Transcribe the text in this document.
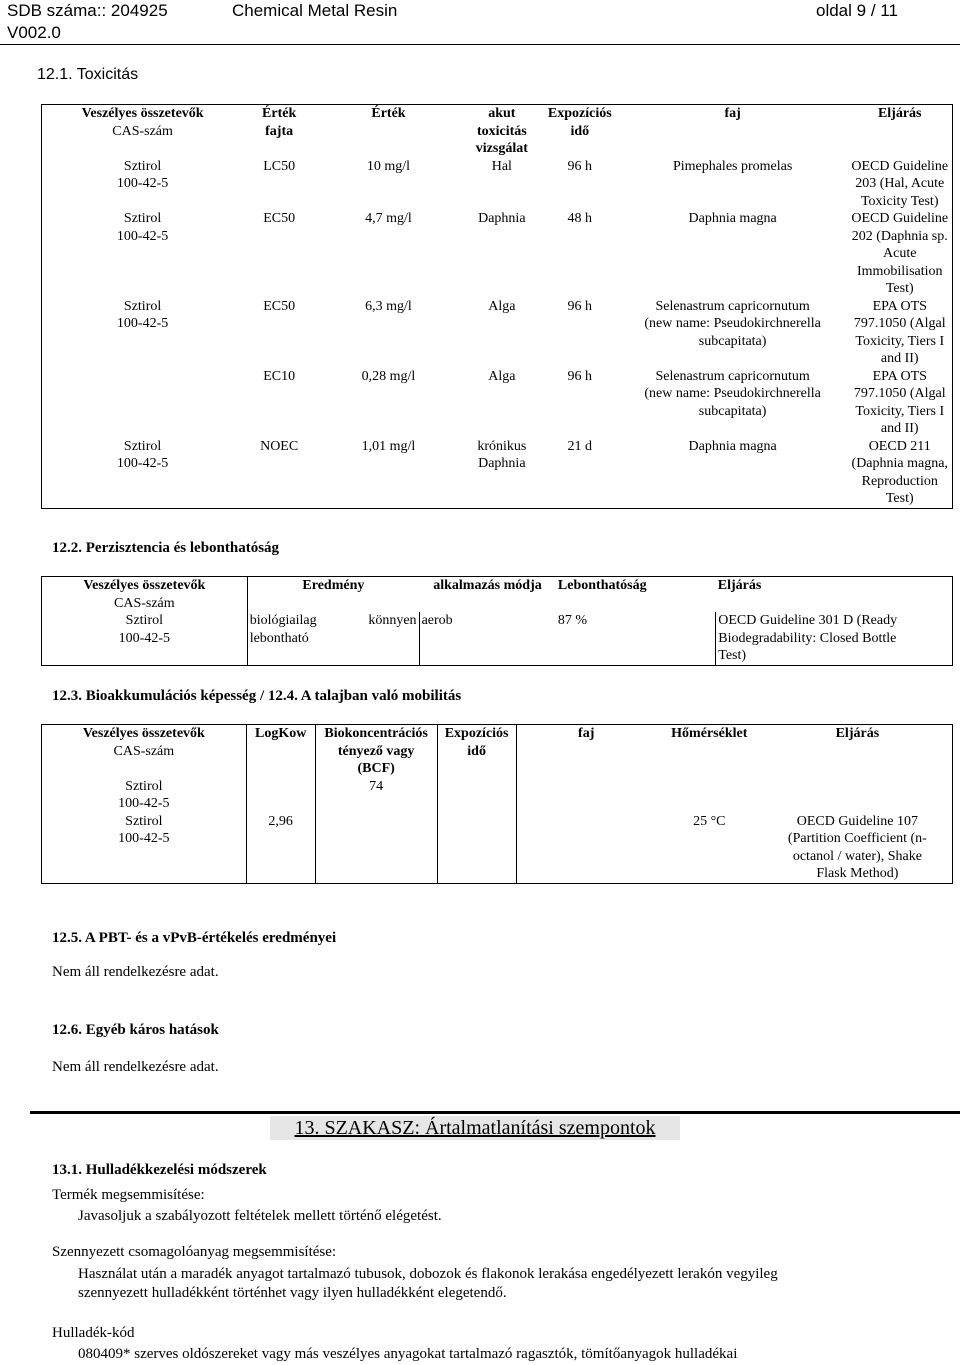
SDB száma:: 204925	Chemical Metal Resin	oldal 9 / 11
V002.0
12.1. Toxicitás
Veszélyes összetevők
CAS-szám	Érték
fajta	Érték	akut
toxicitás
vizsgálat	Expozíciós
idő	faj	Eljárás
Sztirol
100-42-5	LC50	10 mg/l	Hal	96 h	Pimephales promelas	OECD Guideline
203 (Hal, Acute
Toxicity Test)
Sztirol
100-42-5	EC50	4,7 mg/l	Daphnia	48 h	Daphnia magna	OECD Guideline
202 (Daphnia sp.
Acute
Immobilisation
Test)
Sztirol
100-42-5	EC50	6,3 mg/l	Alga	96 h	Selenastrum capricornutum
(new name: Pseudokirchnerella
subcapitata)	EPA OTS
797.1050 (Algal
Toxicity, Tiers I
and II)
	EC10	0,28 mg/l	Alga	96 h	Selenastrum capricornutum
(new name: Pseudokirchnerella
subcapitata)	EPA OTS
797.1050 (Algal
Toxicity, Tiers I
and II)
Sztirol
100-42-5	NOEC	1,01 mg/l	krónikus
Daphnia	21 d	Daphnia magna	OECD 211
(Daphnia magna,
Reproduction Test)
12.2. Perzisztencia és lebonthatóság
Veszélyes összetevők
CAS-szám	Eredmény	alkalmazás módja	Lebonthatóság	Eljárás
Sztirol
100-42-5	biológiailag könnyen
lebontható	aerob	87 %	OECD Guideline 301 D (Ready
Biodegradability: Closed Bottle
Test)
12.3. Bioakkumulációs képesség / 12.4. A talajban való mobilitás
Veszélyes összetevők
CAS-szám	LogKow	Biokoncentrációs
tényező vagy
(BCF)	Expozíciós
idő	faj	Hőmérséklet	Eljárás
Sztirol
100-42-5		74				
Sztirol
100-42-5	2,96				25 °C	OECD Guideline 107
(Partition Coefficient (n-
octanol / water), Shake
Flask Method)
12.5. A PBT- és a vPvB-értékelés eredményei
Nem áll rendelkezésre adat.
12.6. Egyéb káros hatások
Nem áll rendelkezésre adat.
13. SZAKASZ: Ártalmatlanítási szempontok
13.1. Hulladékkezelési módszerek
Termék megsemmisítése:
Javasoljuk a szabályozott feltételek mellett történő elégetést.
Szennyezett csomagolóanyag megsemmisítése:
Használat után a maradék anyagot tartalmazó tubusok, dobozok és flakonok lerakása engedélyezett lerakón vegyileg
szennyezett hulladékként történhet vagy ilyen hulladékként elegetendő.
Hulladék-kód
080409* szerves oldószereket vagy más veszélyes anyagokat tartalmazó ragasztók, tömítőanyagok hulladékai
